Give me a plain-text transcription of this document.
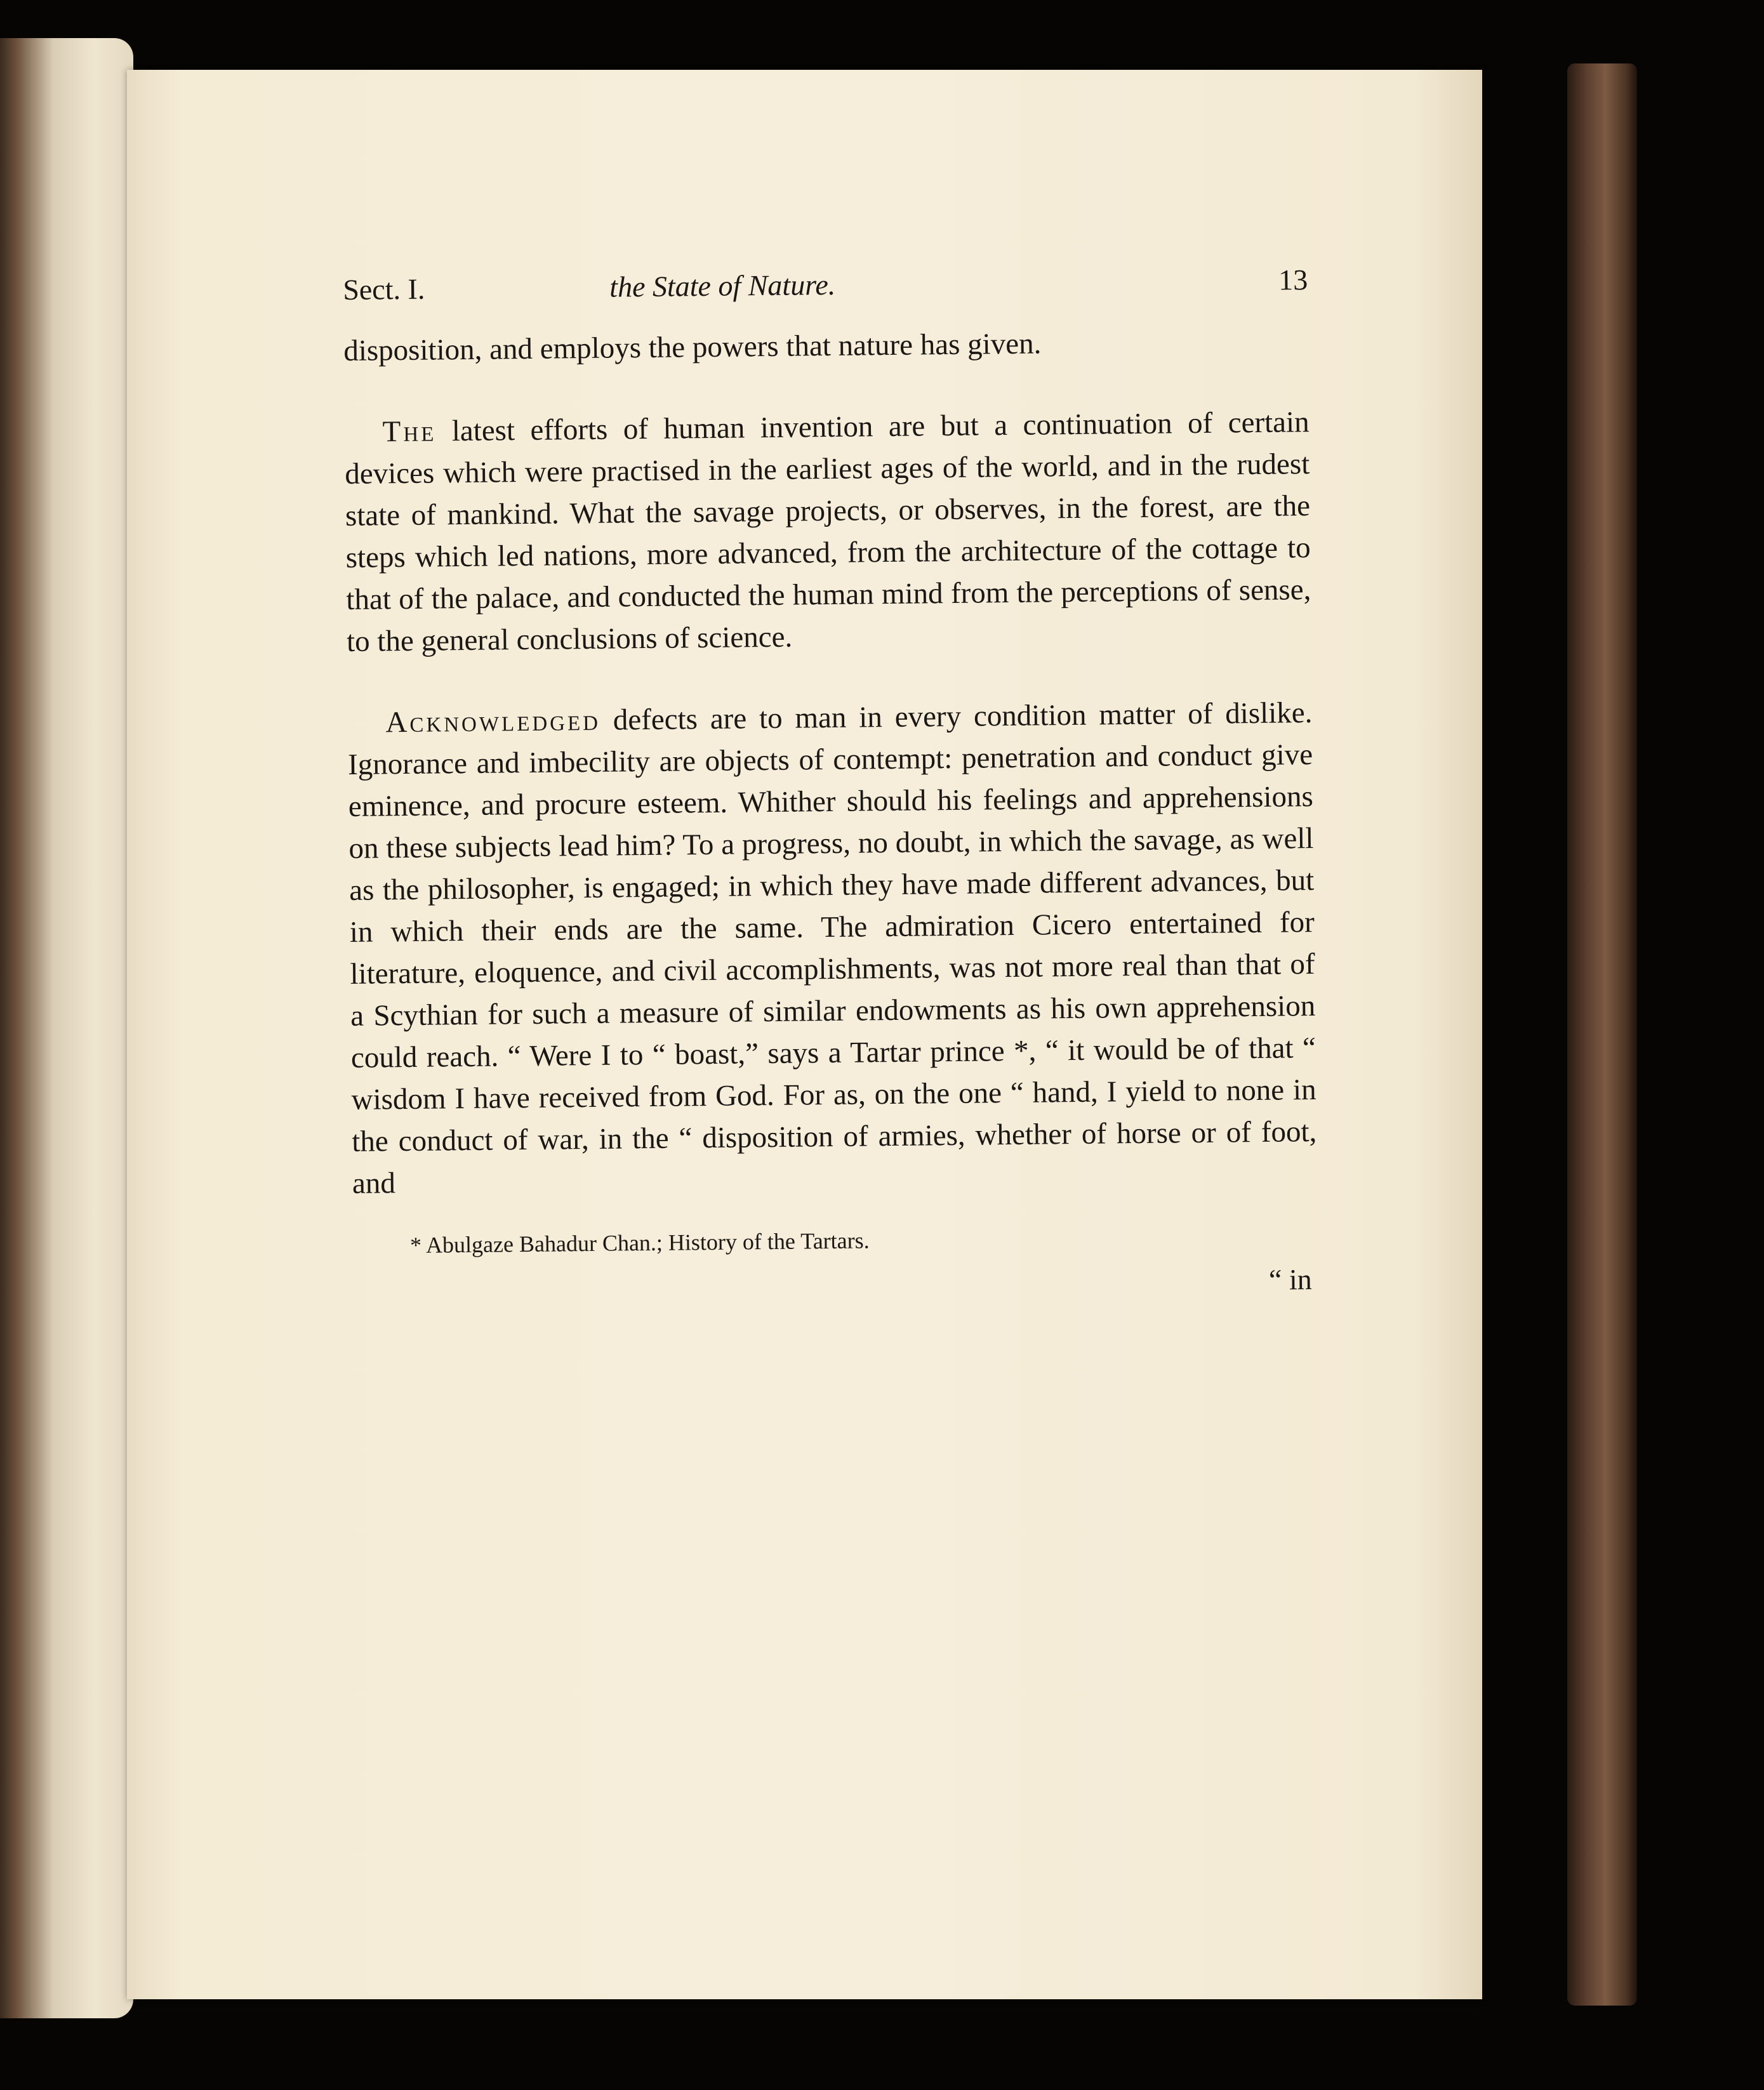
Sect. I.	the State of Nature.	13

disposition, and employs the powers that nature has given.

The latest efforts of human invention are but a continuation of certain devices which were practised in the earliest ages of the world, and in the rudest state of mankind. What the savage projects, or observes, in the forest, are the steps which led nations, more advanced, from the architecture of the cottage to that of the palace, and conducted the human mind from the perceptions of sense, to the general conclusions of science.

Acknowledged defects are to man in every condition matter of dislike. Ignorance and imbecility are objects of contempt: penetration and conduct give eminence, and procure esteem. Whither should his feelings and apprehensions on these subjects lead him? To a progress, no doubt, in which the savage, as well as the philosopher, is engaged; in which they have made different advances, but in which their ends are the same. The admiration Cicero entertained for literature, eloquence, and civil accomplishments, was not more real than that of a Scythian for such a measure of similar endowments as his own apprehension could reach. “ Were I to “ boast,” says a Tartar prince *, “ it would be of that “ wisdom I have received from God. For as, on the one “ hand, I yield to none in the conduct of war, in the “ disposition of armies, whether of horse or of foot, and

* Abulgaze Bahadur Chan.; History of the Tartars.
“ in
